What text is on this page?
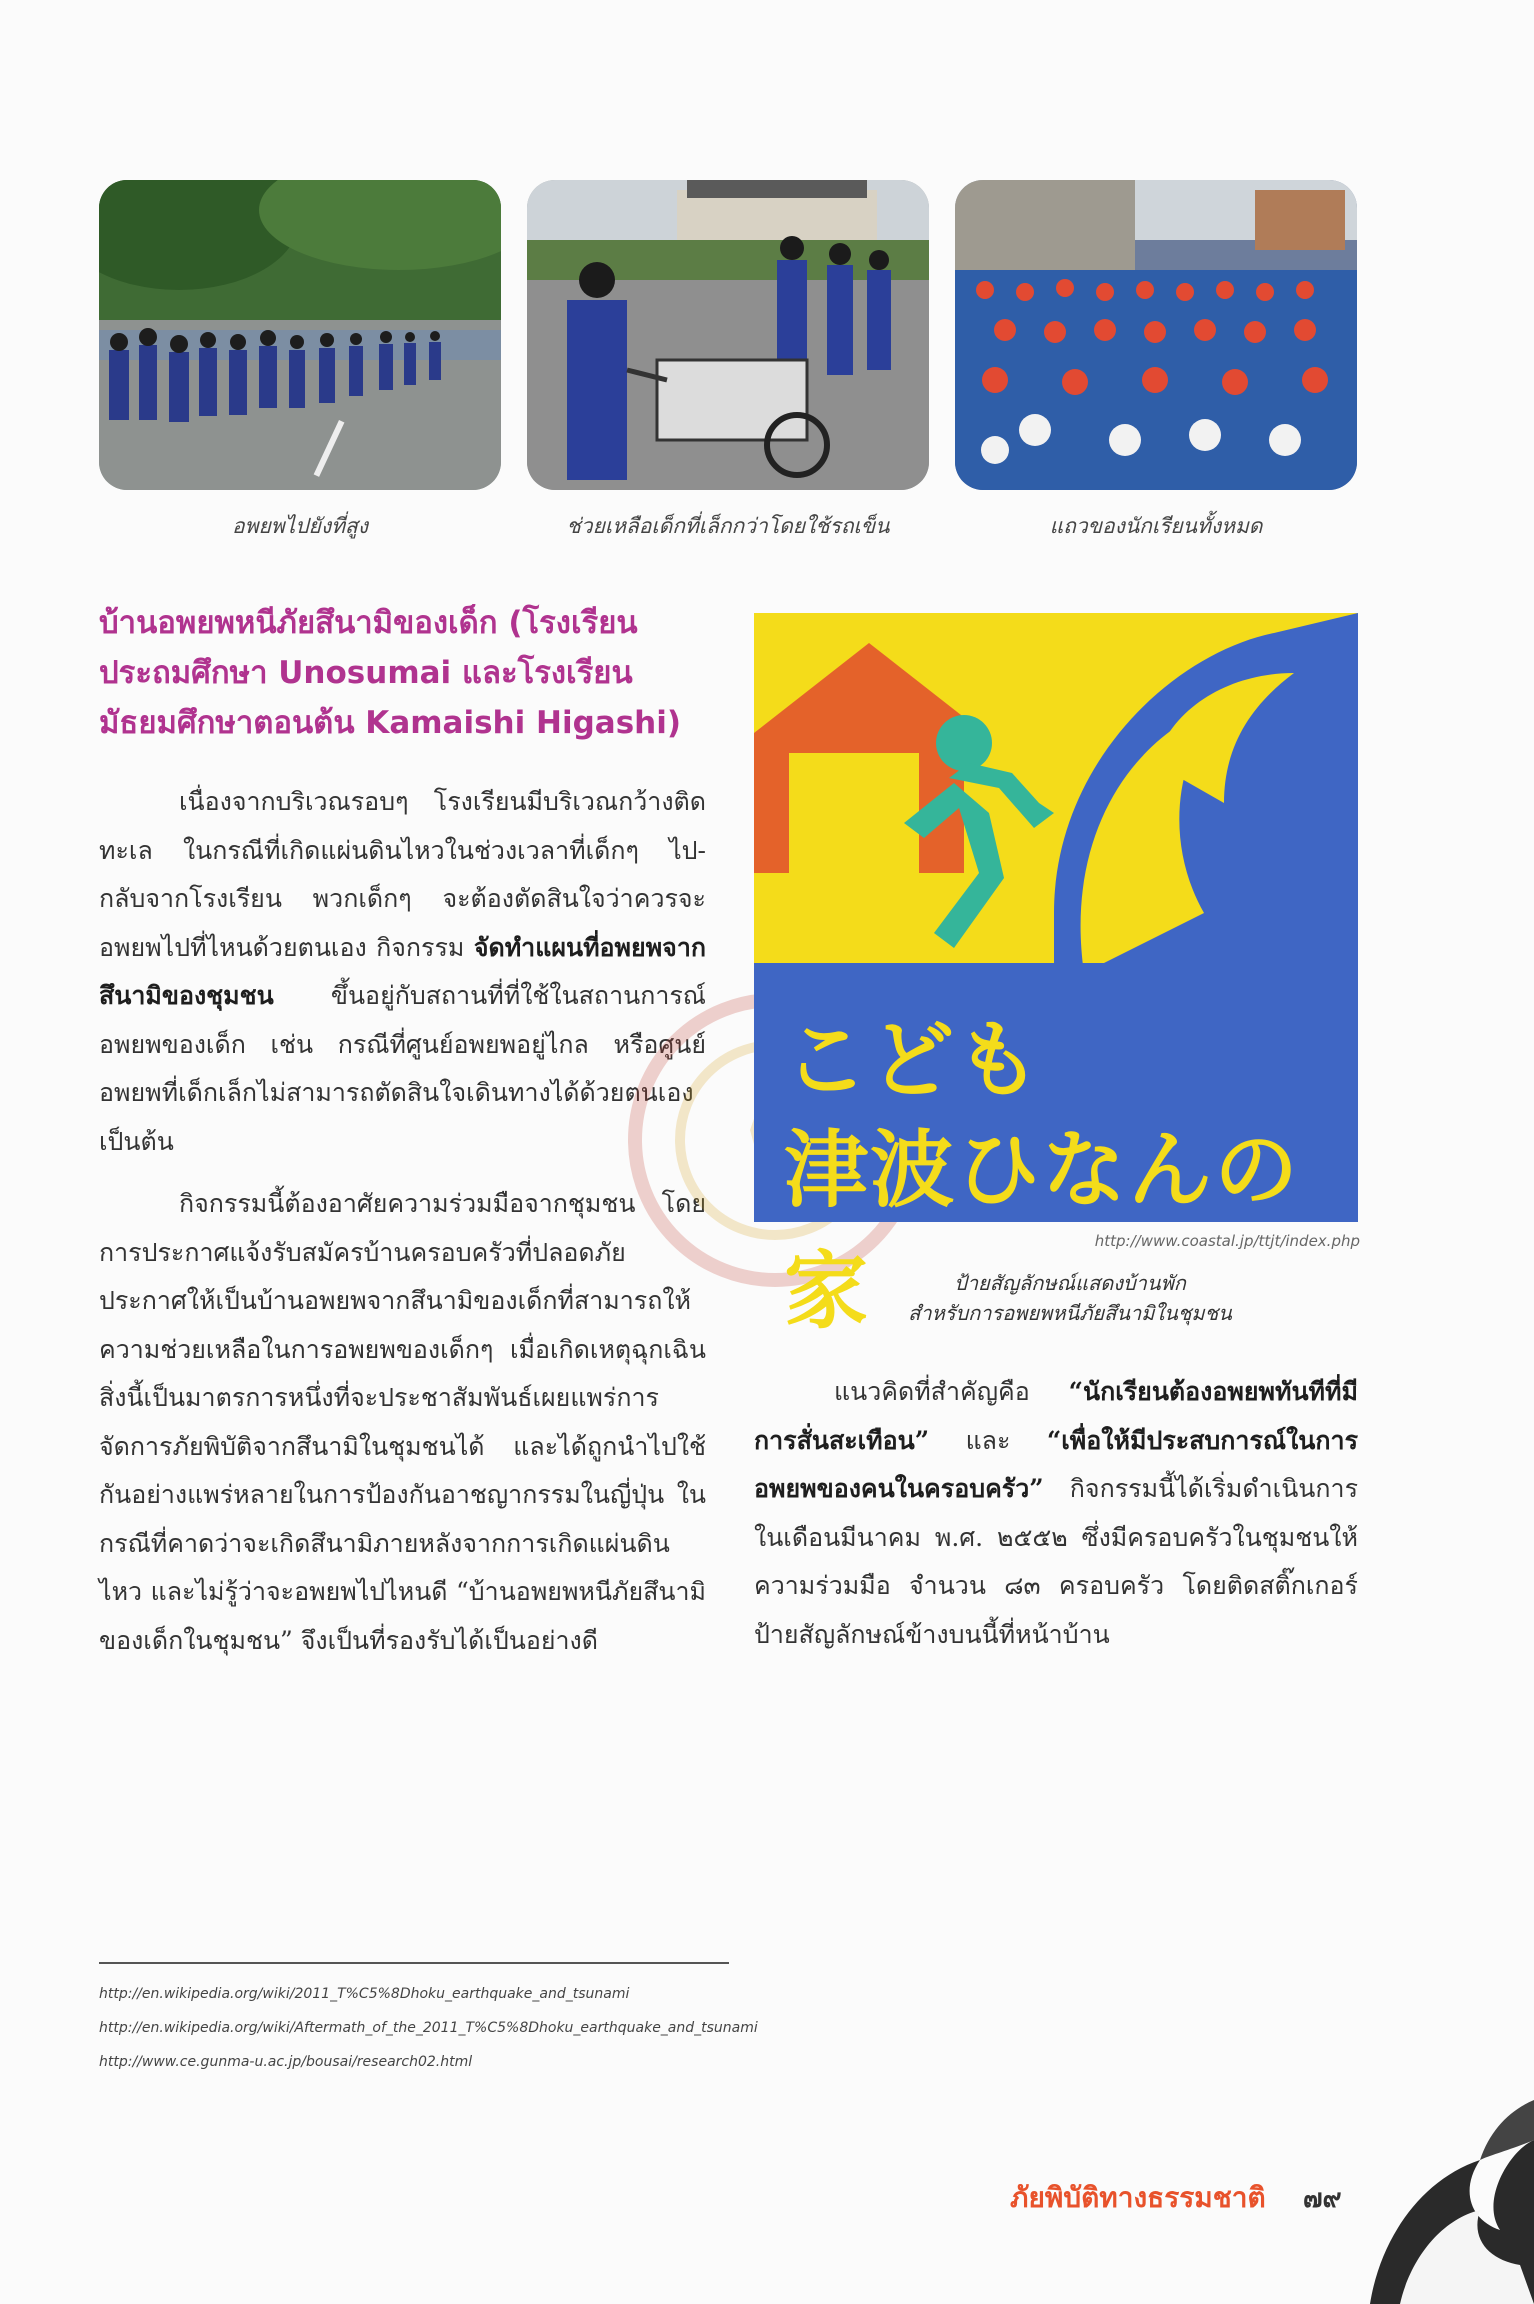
อพยพไปยังที่สูง	ช่วยเหลือเด็กที่เล็กกว่าโดยใช้รถเข็น	แถวของนักเรียนทั้งหมด
บ้านอพยพหนีภัยสึนามิของเด็ก (โรงเรียนประถมศึกษา Unosumai และโรงเรียนมัธยมศึกษาตอนต้น Kamaishi Higashi)

เนื่องจากบริเวณรอบๆ โรงเรียนมีบริเวณกว้างติดทะเล ในกรณีที่เกิดแผ่นดินไหวในช่วงเวลาที่เด็กๆ ไป-กลับจากโรงเรียน พวกเด็กๆ จะต้องตัดสินใจว่าควรจะอพยพไปที่ไหนด้วยตนเอง กิจกรรม จัดทำแผนที่อพยพจากสึนามิของชุมชน ขึ้นอยู่กับสถานที่ที่ใช้ในสถานการณ์อพยพของเด็ก เช่น กรณีที่ศูนย์อพยพอยู่ไกล หรือศูนย์อพยพที่เด็กเล็กไม่สามารถตัดสินใจเดินทางได้ด้วยตนเอง เป็นต้น

กิจกรรมนี้ต้องอาศัยความร่วมมือจากชุมชน โดยการประกาศแจ้งรับสมัครบ้านครอบครัวที่ปลอดภัย ประกาศให้เป็นบ้านอพยพจากสึนามิของเด็กที่สามารถให้ความช่วยเหลือในการอพยพของเด็กๆ เมื่อเกิดเหตุฉุกเฉิน สิ่งนี้เป็นมาตรการหนึ่งที่จะประชาสัมพันธ์เผยแพร่การจัดการภัยพิบัติจากสึนามิในชุมชนได้ และได้ถูกนำไปใช้กันอย่างแพร่หลายในการป้องกันอาชญากรรมในญี่ปุ่น ในกรณีที่คาดว่าจะเกิดสึนามิภายหลังจากการเกิดแผ่นดินไหว และไม่รู้ว่าจะอพยพไปไหนดี “บ้านอพยพหนีภัยสึนามิของเด็กในชุมชน” จึงเป็นที่รองรับได้เป็นอย่างดี

こども
津波ひなんの家
http://www.coastal.jp/ttjt/index.php
ป้ายสัญลักษณ์แสดงบ้านพัก
สำหรับการอพยพหนีภัยสึนามิในชุมชน

แนวคิดที่สำคัญคือ “นักเรียนต้องอพยพทันทีที่มีการสั่นสะเทือน” และ “เพื่อให้มีประสบการณ์ในการอพยพของคนในครอบครัว” กิจกรรมนี้ได้เริ่มดำเนินการในเดือนมีนาคม พ.ศ. ๒๕๕๒ ซึ่งมีครอบครัวในชุมชนให้ความร่วมมือ จำนวน ๘๓ ครอบครัว โดยติดสติ๊กเกอร์ป้ายสัญลักษณ์ข้างบนนี้ที่หน้าบ้าน

http://en.wikipedia.org/wiki/2011_T%C5%8Dhoku_earthquake_and_tsunami
http://en.wikipedia.org/wiki/Aftermath_of_the_2011_T%C5%8Dhoku_earthquake_and_tsunami
http://www.ce.gunma-u.ac.jp/bousai/research02.html
ภัยพิบัติทางธรรมชาติ ๗๙
